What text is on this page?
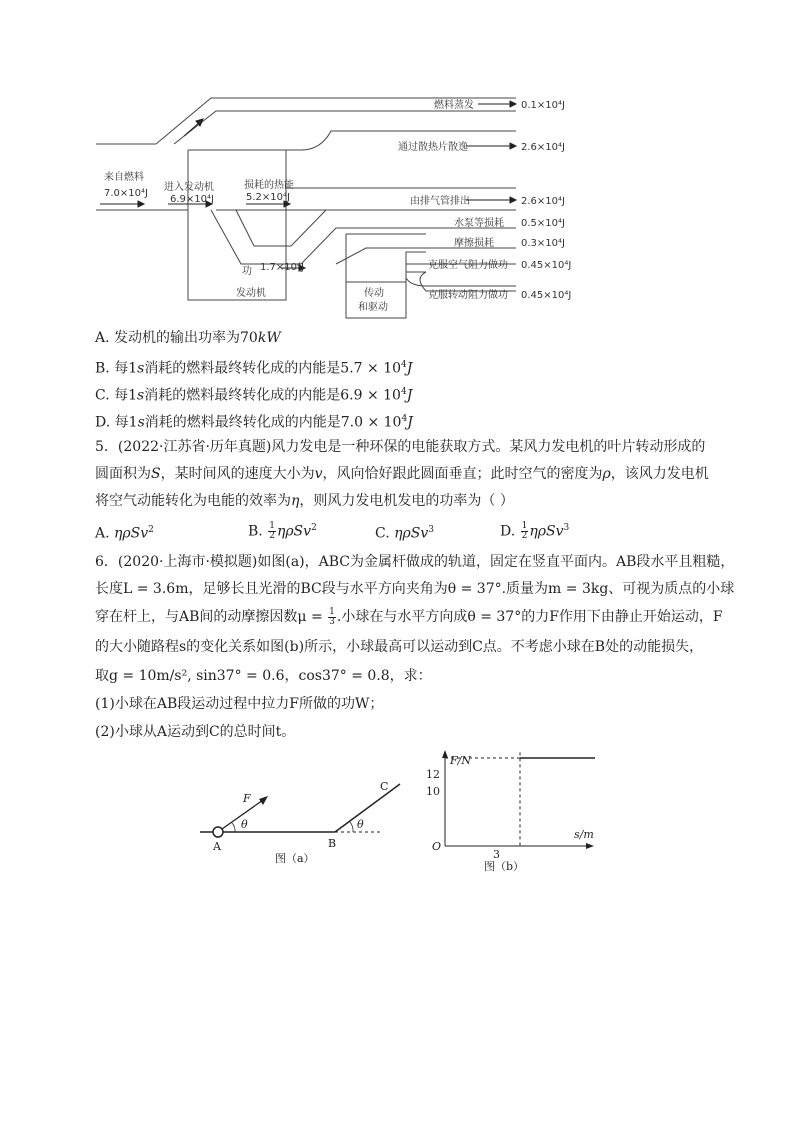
来自燃料
7.0×10⁴J
进入发动机
6.9×10⁴J
损耗的热能
5.2×10⁴J
功 1.7×10⁴J
发动机	传动
和驱动
燃料蒸发	0.1×10⁴J
通过散热片散逸	2.6×10⁴J
由排气管排出	2.6×10⁴J
水泵等损耗 0.5×10⁴J
摩擦损耗	0.3×10⁴J
克服空气阻力做功 0.45×10⁴J
克服转动阻力做功 0.45×10⁴J
A. 发动机的输出功率为70kW
B. 每1s消耗的燃料最终转化成的内能是$5.7 \times 10^4J$
C. 每1s消耗的燃料最终转化成的内能是$6.9 \times 10^4J$
D. 每1s消耗的燃料最终转化成的内能是$7.0 \times 10^4J$
5．(2022·江苏省·历年真题)风力发电是一种环保的电能获取方式。某风力发电机的叶片转动形成的
圆面积为S，某时间风的速度大小为v，风向恰好跟此圆面垂直；此时空气的密度为ρ，该风力发电机
将空气动能转化为电能的效率为η，则风力发电机发电的功率为（ ）
A. ηρSv$^2$	B. $\frac{1}{2} \eta\rho Sv^2$	C. ηρSv$^3$	D. $\frac{1}{2} \eta\rho Sv^3$
6．(2020·上海市·模拟题)如图(a)，ABC为金属杆做成的轨道，固定在竖直平面内。AB段水平且粗糙，
长度L = 3.6m，足够长且光滑的BC段与水平方向夹角为θ = 37°.质量为m = 3kg、可视为质点的小球
穿在杆上，与AB间的动摩擦因数$\mu = \frac{1}{3}$ .小球在与水平方向成θ = 37°的力F作用下由静止开始运动，F
的大小随路程s的变化关系如图(b)所示，小球最高可以运动到C点。不考虑小球在B处的动能损失，
取g = 10m/s², sin37° = 0.6，cos37° = 0.8，求：
(1)小球在AB段运动过程中拉力F所做的功W；
(2)小球从A运动到C的总时间t。
F
θ	θ
A	B
C
图（a）
F/N
s/m
O
12
10
3
图（b）
